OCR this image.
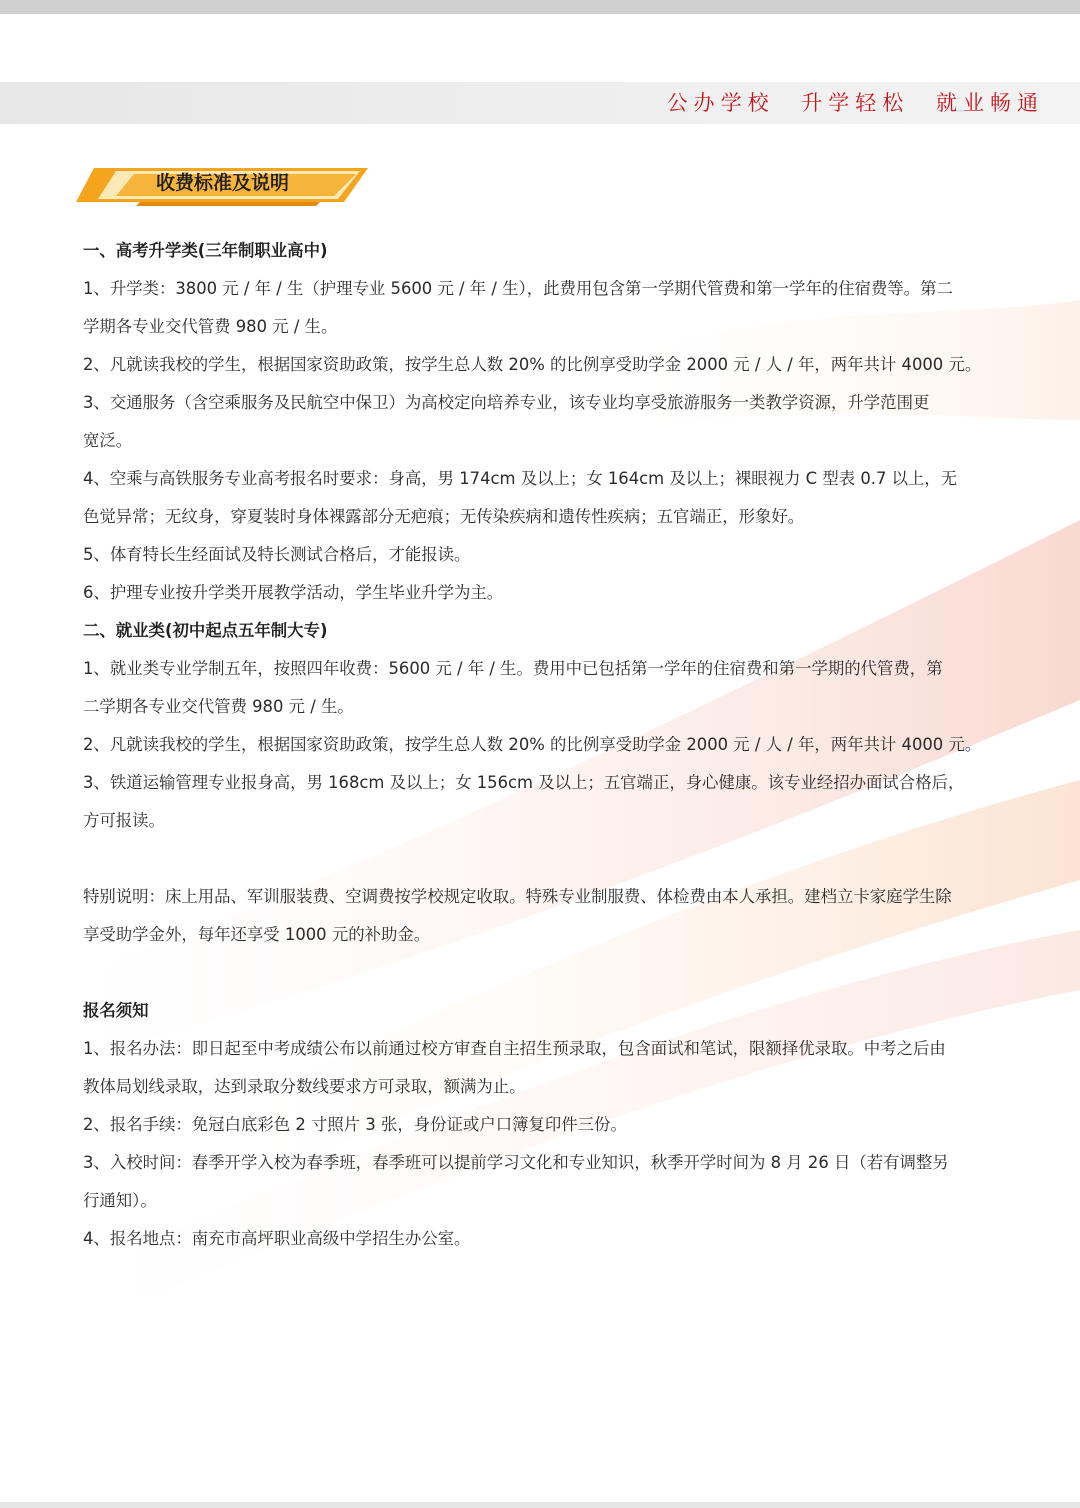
公办学校 升学轻松 就业畅通
收费标准及说明
一、高考升学类(三年制职业高中)
1、升学类：3800 元 / 年 / 生（护理专业 5600 元 / 年 / 生），此费用包含第一学期代管费和第一学年的住宿费等。第二
学期各专业交代管费 980 元 / 生。
2、凡就读我校的学生，根据国家资助政策，按学生总人数 20% 的比例享受助学金 2000 元 / 人 / 年，两年共计 4000 元。
3、交通服务（含空乘服务及民航空中保卫）为高校定向培养专业，该专业均享受旅游服务一类教学资源，升学范围更
宽泛。
4、空乘与高铁服务专业高考报名时要求：身高，男 174cm 及以上；女 164cm 及以上；裸眼视力 C 型表 0.7 以上，无
色觉异常；无纹身，穿夏装时身体裸露部分无疤痕；无传染疾病和遗传性疾病；五官端正，形象好。
5、体育特长生经面试及特长测试合格后，才能报读。
6、护理专业按升学类开展教学活动，学生毕业升学为主。
二、就业类(初中起点五年制大专)
1、就业类专业学制五年，按照四年收费：5600 元 / 年 / 生。费用中已包括第一学年的住宿费和第一学期的代管费，第
二学期各专业交代管费 980 元 / 生。
2、凡就读我校的学生，根据国家资助政策，按学生总人数 20% 的比例享受助学金 2000 元 / 人 / 年，两年共计 4000 元。
3、铁道运输管理专业报身高，男 168cm 及以上；女 156cm 及以上；五官端正，身心健康。该专业经招办面试合格后，
方可报读。
特别说明：床上用品、军训服装费、空调费按学校规定收取。特殊专业制服费、体检费由本人承担。建档立卡家庭学生除
享受助学金外，每年还享受 1000 元的补助金。
报名须知
1、报名办法：即日起至中考成绩公布以前通过校方审查自主招生预录取，包含面试和笔试，限额择优录取。中考之后由
教体局划线录取，达到录取分数线要求方可录取，额满为止。
2、报名手续：免冠白底彩色 2 寸照片 3 张，身份证或户口簿复印件三份。
3、入校时间：春季开学入校为春季班，春季班可以提前学习文化和专业知识，秋季开学时间为 8 月 26 日（若有调整另
行通知）。
4、报名地点：南充市高坪职业高级中学招生办公室。
